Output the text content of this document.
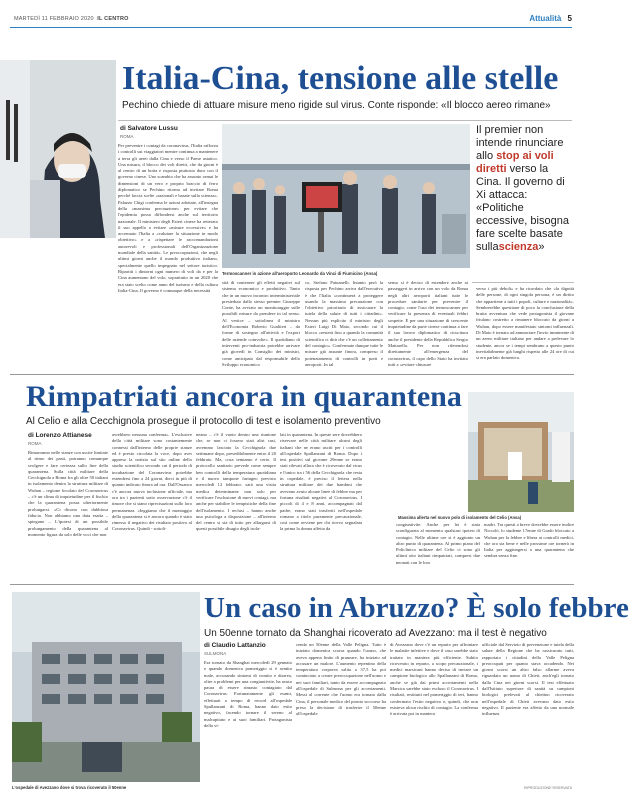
MARTEDÌ 11 FEBBRAIO 2020 IL CENTRO	Attualità 5
Italia-Cina, tensione alle stelle
Pechino chiede di attuare misure meno rigide sul virus. Conte risponde: «Il blocco aereo rimane»
di Salvatore Lussu
ROMA
Per prevenire i contagi da coronavirus, l'Italia rafforza i controlli sui viaggiatori mentre continua a mantenere a terra gli aerei dalla Cina e verso il Paese asiatico. Una misura, il blocco dei voli diretti, che da giorni è al centro di un botta e risposta piuttosto duro con il governo cinese. Uno scambio che ha assunto ormai le dimensioni di un vero e proprio braccio di ferro diplomatico se Pechino ritorna ad invitare Roma perché faccia scelte «razionali e basate sulla scienza». Palazzo Chigi conferma le azioni adottate, all'insegna della «massima precauzione» per evitare che l'epidemia possa diffondersi anche sul territorio nazionale. Il ministero degli Esteri cinese ha reiterato il suo appello a evitare «misure eccessive» e ha accennato l'Italia a «valutare la situazione in modo obiettivo» e a «rispettare le raccomandazioni autorevoli e professionali dell'Organizzazione mondiale della sanità». Le preoccupazioni, che negli ultimi giorni anche il mondo produttivo italiano, specialmente quello impegnato nel settore turistico. Ripartiti i dintorni ogni numero di voli da e per la Cina aumentano del volo, soprattutto in un 2020 che era stato scelto come anno del turismo e della cultura Italia-Cina. Il governo è comunque della necessità
Termoscanner in azione all'aeroporto Leonardo da Vinci di Fiumicino (Ansa)
sità di contenere gli effetti negativi sul sistema economico e produttivo. Tanto che in un nuovo incontro interministeriale presieduto dallo stesso premier Giuseppe Conte, ha avviato un monitoraggio sulle possibili misure da prendere in tal senso. Al vertice – sottolinea il ministro dell'Economia Roberto Gualtieri – da forme di sostegno all'attività e l'export delle aziende coinvolte». Il quotidiano di interventi pro-industria potrebbe arrivare già giovedì in Consiglio dei ministri, come anticipato dal responsabile dello Sviluppo economico
co, Stefano Patuanelli. Intanto però la risposta per Pechino arriva dall'esecutivo è che l'Italia «continuerà a proteggere usando la massima precauzione con l'obiettivo prioritario di assicurare la tutela della salute di tutti i cittadini». Nessun più esplicito il ministro degli Esteri Luigi Di Maio, secondo cui il blocco «resterà fino a quando la comunità scientifica ci dirà che c'è un collettamento del contagio». Confermate dunque tutte le misure già assunte finora, compreso il potenziamento di controlli in porti e aeroporti. In tal
senso si è deciso di estendere anche ai passeggeri in arrivo con un volo da Roma negli altri aeroporti italiani tutte le procedure sanitarie per prevenire il contagio, come l'uso dei termoscanner per verificare la presenza di eventuali febbri sospette. E per una situazione di crescente inquietudine da parte cinese continua a fare il suo lavoro diplomatico di ricucitura anche il presidente della Repubblica Sergio Mattarella. Per non riferendosi direttamente all'emergenza del coronavirus, il capo dello Stato ha invitato tutti a «evitare chiusure
Il premier non intende rinunciare allo stop ai voli diretti verso la Cina. Il governo di Xi attacca: «Politiche eccessive, bisogna fare scelte basate sullascienza»
verso i più deboli» e ha ricordato che «la dignità delle persone, di ogni singola persona, è un diritto che appartiene a tutti i popoli, culture e nazionalità». Sembrerebbe questione di poco la conclusione della brutta avventura che vede protagonista il giovane friulano costretto a rimanere bloccato da giorni a Wuhan, dopo essere manifestato sintomi influenzali. Di Maio è tornato ad annunciare l'invio imminente di un aereo militare italiano per andare a prelevare lo studente, ancor se i tempi sembrano a questo punto inevitabilmente già lunghi rispetto alle 24 ore di cui si era parlato domenica.
Rimpatriati ancora in quarantena
Al Celio e alla Cecchignola prosegue il protocollo di test e isolamento preventivo
Massima allerta nel nuovo polo di isolamento del Celio (Ansa)
di Lorenzo Attianese
ROMA
Rimarranno nelle stanze con uscite limitate al ritmo dei pasti, potranno comunque svolgere e fare certezza sullo fine della quarantena. Sulla città militare della Cecchignola a Roma fra gli oltre 50 italiani in isolamento dentro la struttura militare di Wuhan – regione focolaio del Coronavirus – c'è un clima di inquietudine per il fischio che la quarantena possa ulteriormente prolungarsi. «Ci dicono con dubbiosa fiducia. Non abbiamo una data esatta – spiegano – L'ipotesi di un possibile prolungamento della quarantena al momento figura da solo delle voci che non
avrebbero nessuna conferma». L'esclusive della città militare sono costantemente connessi dall'interno delle proprie stanze ed è presto circolata la voce, dopo aver appreso la notizia sul sito online dello studio scientifico secondo cui il periodo di incubazione del Coronavirus potrebbe estendersi fino a 24 giorni, dieci in più di quanto indicato finora ad ora. Dall'Ossanco c'è ancora nuova inclusione ufficiale, ma ora tra i pazienti sotto osservazione c'è il timore che si stano riprecisazioni sullo loro permanenza. «Ieggiamo che il montaggio della quarantena si è ancora quando è stato rimesso il negativo dei risultato positivo al Coronavirus. Quindi - sottoli-
neano – c'è il vuoto dentro una riunione che, se non ci fossero stati altri casi, avremmo lasciato la Cecchignola due settimane dopo, presedibilmente entro il 20 febbraio. Ma, cosa temiamo è certo. Il protocollo sanitario prevede come sempre ben controlli della temperatura quotidiana e il nuovo tampone faringeo previsto mercoledì 12 febbraio: sarà una visita medica determinante non solo per verificare l'esclusione di nuovi contagi, ma anche per stabilire le tempistiche della fine dell'isolamento. I reclusi – hanno anche una psicologa a disposizione – all'interno del centro si sta di tutto per allargarsi di questi possibile disagio degli isola-
lati in quarantena. In queste sere dovrebbero riservare nelle città militare alcuni degli italiani che ne erano usciti per i controlli all'ospedale Spallanzani di Roma. Dopo i test positivi sul giovane 29enne se erano stati rilevati allora che è ricoverato dal virus e l'unico tra i 56 della Cecchignola che resta in ospedale, è preciso il lettera nella struttura militare dei due bambini che avevano avuto alcune linee di febbre ma per fortuna risultati negativi al Coronavirus. I piccoli di 4 e 8 anni, accompagnati dal padre, erano stati trasferiti nell'ospedale romano a titolo puramente precauzionale, così come avviene per chi ricevo segnalata la prima la donna affetta da
congiuntivite. Anche per lei è stata sconfigurata al momento qualsiasi ipotesi di contagio. Nelle ultime ore si è aggiunto un altro punto di quarantena. Al primo piano del Policlinico militare del Celio ci sono gli ultimi otto italiani rimpatriati, compresi due neonati con le loro
madri. Tra questi a breve dovrebbe essere inoltre Niccolò, lo studente 17enne di Grado bloccato a Wuhan per la febbre e libera ai controlli medici, che ora sta bene e nelle prossime ore tornerà in Italia per aggiungersi a una quarantena che sembra senza fine.
Un caso in Abruzzo? È solo febbre
Un 50enne tornato da Shanghai ricoverato ad Avezzano: ma il test è negativo
L'ospedale di Avezzano dove si trova ricoverato il 50enne
di Claudio Lattanzio
SULMONA
Era tornato da Shanghai mercoledì 29 gennaio e quando domenica pomeriggio si è sentito male, accusando sintomi di vomito e diarrea, oltre a problemi per una congiuntivite, ha avuto paura di essere rimasto contagiato dal Coronavirus. Fortunatamente gli esami, effettuati a tempo di record all'ospedale Spallanzani di Roma, hanno dato esito negativo, facendo tornare il sereno al malcapitato e ai suoi familiari. Protagonista della vi-
cenda un 50enne della Valle Peligna. Tutto è iniziato domenica scorsa quando l'uomo, che aveva appena finito di pranzare, ha iniziato ad accusare un malore. L'aumento repentino della temperatura corporea salita a 37,5 ha poi cominciato a creare preoccupazione nell'uomo e nei suoi familiari, tanto da essere accompagnato all'ospedale di Sulmona per gli accertamenti. Messi al corrente che l'uomo era tornato dalla Cina, il personale medico del pronto soccorso ha preso la decisione di trasferire il 50enne all'ospedale
di Avezzano dove c'è un reparto per affrontare le malattie infettive e dove il caso sarebbe stato trattato in maniera più efficiente. Subito ricoverato in reparto, a scopo precauzionale, i medici marsicani hanno deciso di inviare un campione biologico allo Spallanzani di Roma, anche se già dai primi accertamenti nella Marsica sarebbe stato escluso il Coronavirus. I risultati, restituiti nel pomeriggio di ieri, hanno confermato l'esito negativo e, quindi, che non esisteva alcun rischio di contagio. La conferma è arrivata poi in maniera
ufficiale dal Servizio di prevenzione e tutela della salute della Regione che ha rassicurato tutti, rapportato i cittadini della Valle Peligna preoccupati per quanto stava accadendo. Nei giorni scorsi un altro falso allarme aveva riguardato un uomo di Chieti, anch'egli tornato dalla Cina nei giorni scorsi. Il test effettuato dall'Istituto superiore di sanità su campioni biologici prelevati al chietino ricoverato nell'ospedale di Chieti avevano dato esito negativo. Il paziente era affetto da una normale influenza.
RIPRODUZIONE RISERVATA
